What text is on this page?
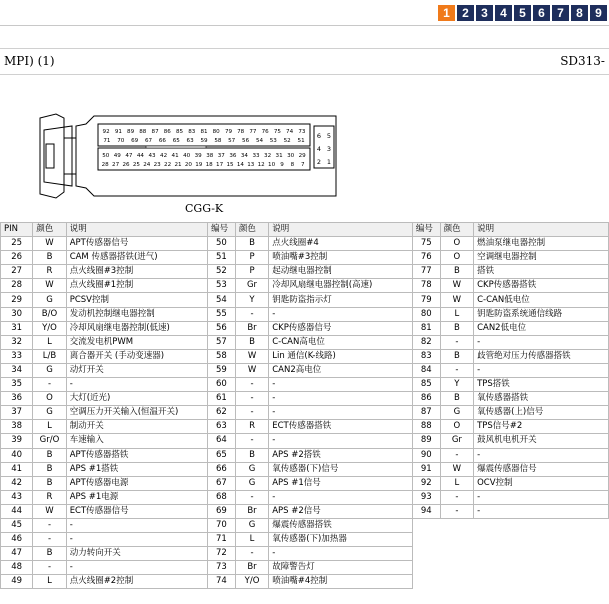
1	2	3	4	5	6	7	8	9
MPI) (1)	SD313-
92 91 89 88 87 86 85 83 81 80 79 78 77 76 75 74 73
71 70 69 67 66 65 63 59 58 57 56 54 53 52 51
50 49 47 44 43 42 41 40 39 38 37 36 34 33 32 31 30 29
28 27 26 25 24 23 22 21 20 19 18 17 15 14 13 12 10 9 8 7
6 5
4 3
2 1
CGG-K
PIN	颜色	说明	编号	颜色	说明	编号	颜色	说明
25	W	APT传感器信号	50	B	点火线圈#4	75	O	燃油泵继电器控制
26	B	CAM 传感器搭铁(进气)	51	P	喷油嘴#3控制	76	O	空调继电器控制
27	R	点火线圈#3控制	52	P	起动继电器控制	77	B	搭铁
28	W	点火线圈#1控制	53	Gr	冷却风扇继电器控制(高速)	78	W	CKP传感器搭铁
29	G	PCSV控制	54	Y	钥匙防盗指示灯	79	W	C-CAN低电位
30	B/O	发动机控制继电器控制	55	-	-	80	L	钥匙防盗系统通信线路
31	Y/O	冷却风扇继电器控制(低速)	56	Br	CKP传感器信号	81	B	CAN2低电位
32	L	交流发电机PWM	57	B	C-CAN高电位	82	-	-
33	L/B	离合器开关 (手动变速器)	58	W	Lin 通信(K-线路)	83	B	歧管绝对压力传感器搭铁
34	G	动灯开关	59	W	CAN2高电位	84	-	-
35	-	-	60	-	-	85	Y	TPS搭铁
36	O	大灯(近光)	61	-	-	86	B	氧传感器搭铁
37	G	空调压力开关输入(恒温开关)	62	-	-	87	G	氧传感器(上)信号
38	L	制动开关	63	R	ECT传感器搭铁	88	O	TPS信号#2
39	Gr/O	车速输入	64	-	-	89	Gr	鼓风机电机开关
40	B	APT传感器搭铁	65	B	APS #2搭铁	90	-	-
41	B	APS #1搭铁	66	G	氧传感器(下)信号	91	W	爆震传感器信号
42	B	APT传感器电源	67	G	APS #1信号	92	L	OCV控制
43	R	APS #1电源	68	-	-	93	-	-
44	W	ECT传感器信号	69	Br	APS #2信号	94	-	-
45	-	-	70	G	爆震传感器搭铁			
46	-	-	71	L	氧传感器(下)加热器			
47	B	动力转向开关	72	-	-			
48	-	-	73	Br	故障警告灯			
49	L	点火线圈#2控制	74	Y/O	喷油嘴#4控制			
